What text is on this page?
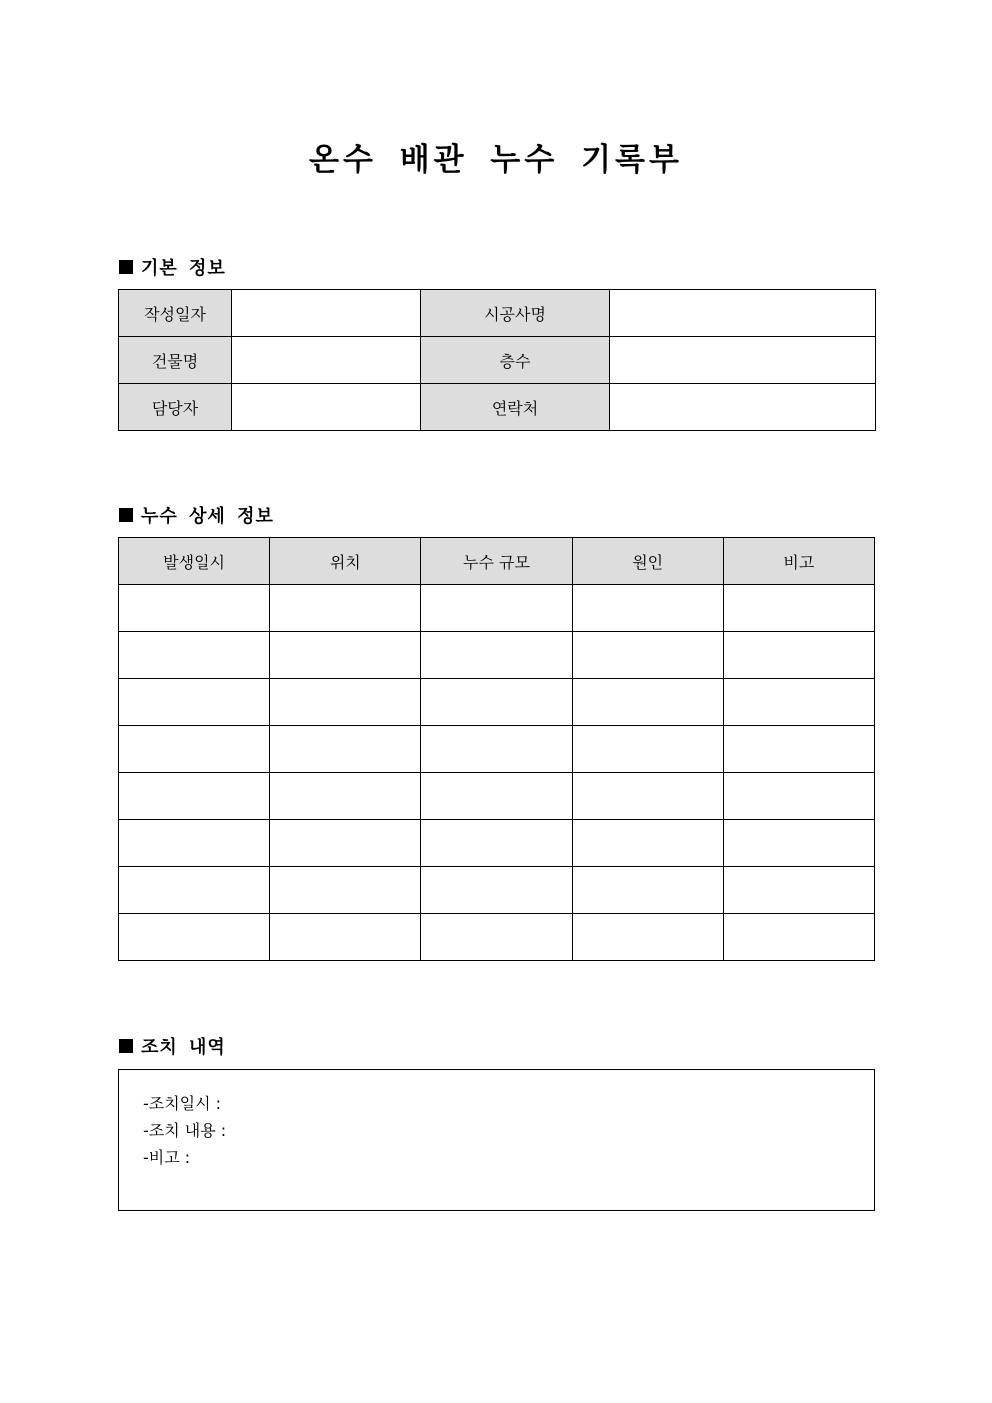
온수 배관 누수 기록부
기본 정보
작성일자		시공사명	
건물명		층수	
담당자		연락처	
누수 상세 정보
발생일시	위치	누수 규모	원인	비고

조치 내역
-조치일시 :
-조치 내용 :
-비고 :
